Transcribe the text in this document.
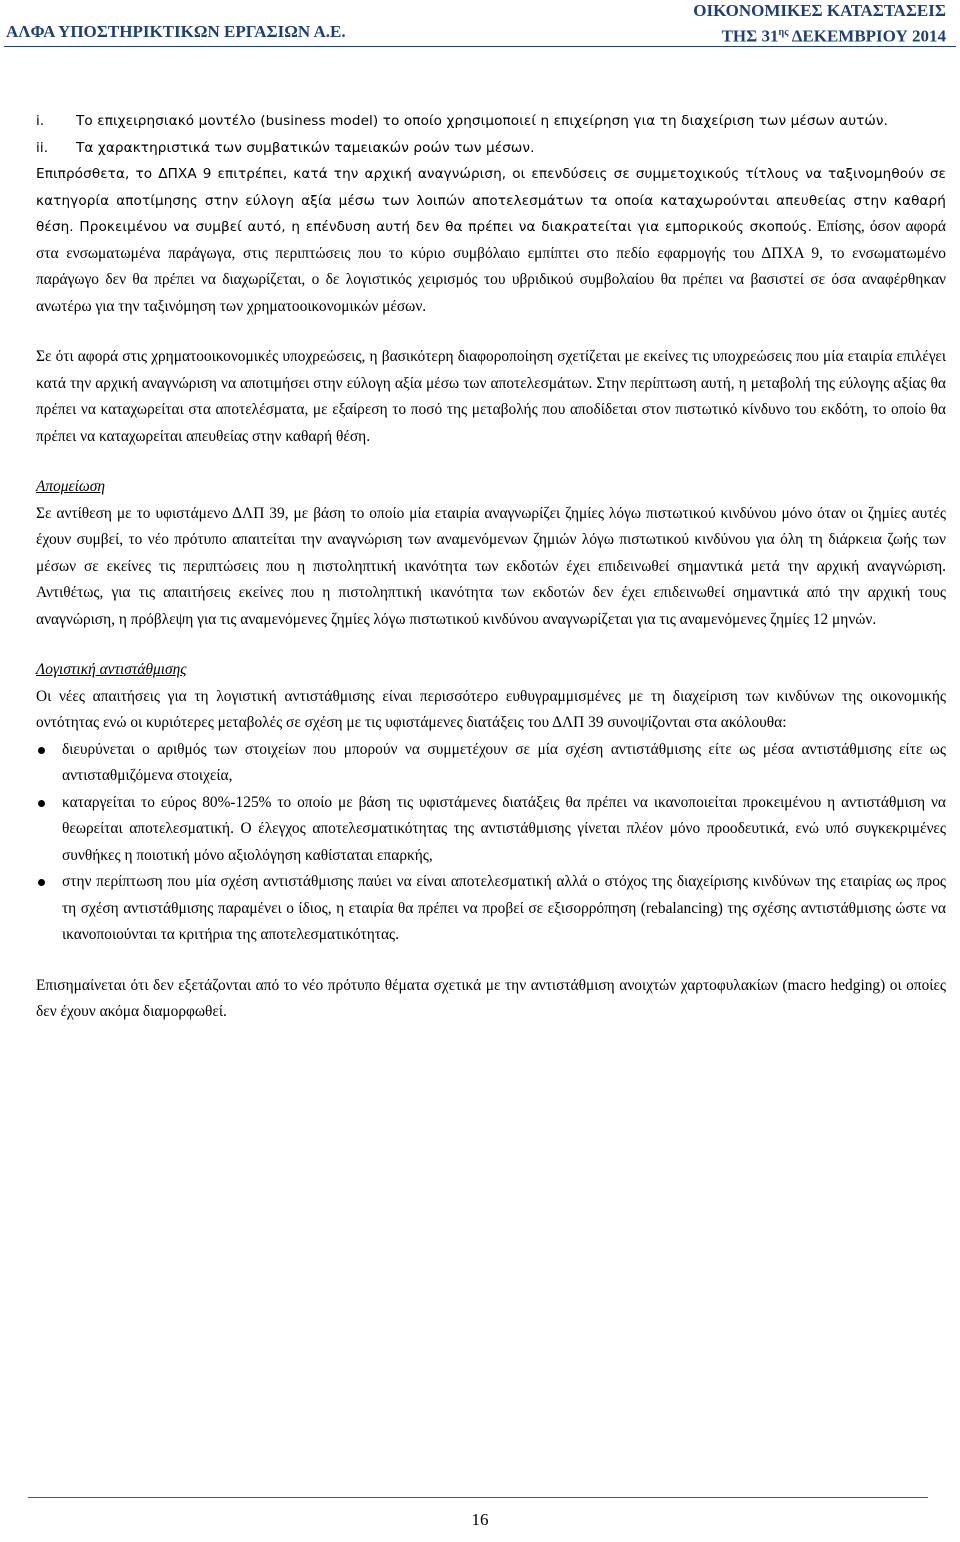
ΑΛΦΑ ΥΠΟΣΤΗΡΙΚΤΙΚΩΝ ΕΡΓΑΣΙΩΝ Α.Ε.
ΟΙΚΟΝΟΜΙΚΕΣ ΚΑΤΑΣΤΑΣΕΙΣ
ΤΗΣ $31^{\eta\varsigma}$ ΔΕΚΕΜΒΡΙΟΥ 2014
i. Το επιχειρησιακό μοντέλο (business model) το οποίο χρησιμοποιεί η επιχείρηση για τη διαχείριση των μέσων αυτών.
ii. Τα χαρακτηριστικά των συμβατικών ταμειακών ροών των μέσων.

Επιπρόσθετα, το ΔΠΧΑ 9 επιτρέπει, κατά την αρχική αναγνώριση, οι επενδύσεις σε συμμετοχικούς τίτλους να ταξινομηθούν σε κατηγορία αποτίμησης στην εύλογη αξία μέσω των λοιπών αποτελεσμάτων τα οποία καταχωρούνται απευθείας στην καθαρή θέση. Προκειμένου να συμβεί αυτό, η επένδυση αυτή δεν θα πρέπει να διακρατείται για εμπορικούς σκοπούς. Επίσης, όσον αφορά στα ενσωματωμένα παράγωγα, στις περιπτώσεις που το κύριο συμβόλαιο εμπίπτει στο πεδίο εφαρμογής του ΔΠΧΑ 9, το ενσωματωμένο παράγωγο δεν θα πρέπει να διαχωρίζεται, ο δε λογιστικός χειρισμός του υβριδικού συμβολαίου θα πρέπει να βασιστεί σε όσα αναφέρθηκαν ανωτέρω για την ταξινόμηση των χρηματοοικονομικών μέσων.

Σε ότι αφορά στις χρηματοοικονομικές υποχρεώσεις, η βασικότερη διαφοροποίηση σχετίζεται με εκείνες τις υποχρεώσεις που μία εταιρία επιλέγει κατά την αρχική αναγνώριση να αποτιμήσει στην εύλογη αξία μέσω των αποτελεσμάτων. Στην περίπτωση αυτή, η μεταβολή της εύλογης αξίας θα πρέπει να καταχωρείται στα αποτελέσματα, με εξαίρεση το ποσό της μεταβολής που αποδίδεται στον πιστωτικό κίνδυνο του εκδότη, το οποίο θα πρέπει να καταχωρείται απευθείας στην καθαρή θέση.

Απομείωση

Σε αντίθεση με το υφιστάμενο ΔΛΠ 39, με βάση το οποίο μία εταιρία αναγνωρίζει ζημίες λόγω πιστωτικού κινδύνου μόνο όταν οι ζημίες αυτές έχουν συμβεί, το νέο πρότυπο απαιτείται την αναγνώριση των αναμενόμενων ζημιών λόγω πιστωτικού κινδύνου για όλη τη διάρκεια ζωής των μέσων σε εκείνες τις περιπτώσεις που η πιστοληπτική ικανότητα των εκδοτών έχει επιδεινωθεί σημαντικά μετά την αρχική αναγνώριση. Αντιθέτως, για τις απαιτήσεις εκείνες που η πιστοληπτική ικανότητα των εκδοτών δεν έχει επιδεινωθεί σημαντικά από την αρχική τους αναγνώριση, η πρόβλεψη για τις αναμενόμενες ζημίες λόγω πιστωτικού κινδύνου αναγνωρίζεται για τις αναμενόμενες ζημίες 12 μηνών.

Λογιστική αντιστάθμισης

Οι νέες απαιτήσεις για τη λογιστική αντιστάθμισης είναι περισσότερο ευθυγραμμισμένες με τη διαχείριση των κινδύνων της οικονομικής οντότητας ενώ οι κυριότερες μεταβολές σε σχέση με τις υφιστάμενες διατάξεις του ΔΛΠ 39 συνοψίζονται στα ακόλουθα:

διευρύνεται ο αριθμός των στοιχείων που μπορούν να συμμετέχουν σε μία σχέση αντιστάθμισης είτε ως μέσα αντιστάθμισης είτε ως αντισταθμιζόμενα στοιχεία,
καταργείται το εύρος 80%-125% το οποίο με βάση τις υφιστάμενες διατάξεις θα πρέπει να ικανοποιείται προκειμένου η αντιστάθμιση να θεωρείται αποτελεσματική. Ο έλεγχος αποτελεσματικότητας της αντιστάθμισης γίνεται πλέον μόνο προοδευτικά, ενώ υπό συγκεκριμένες συνθήκες η ποιοτική μόνο αξιολόγηση καθίσταται επαρκής,
στην περίπτωση που μία σχέση αντιστάθμισης παύει να είναι αποτελεσματική αλλά ο στόχος της διαχείρισης κινδύνων της εταιρίας ως προς τη σχέση αντιστάθμισης παραμένει ο ίδιος, η εταιρία θα πρέπει να προβεί σε εξισορρόπηση (rebalancing) της σχέσης αντιστάθμισης ώστε να ικανοποιούνται τα κριτήρια της αποτελεσματικότητας.

Επισημαίνεται ότι δεν εξετάζονται από το νέο πρότυπο θέματα σχετικά με την αντιστάθμιση ανοιχτών χαρτοφυλακίων (macro hedging) οι οποίες δεν έχουν ακόμα διαμορφωθεί.

16
